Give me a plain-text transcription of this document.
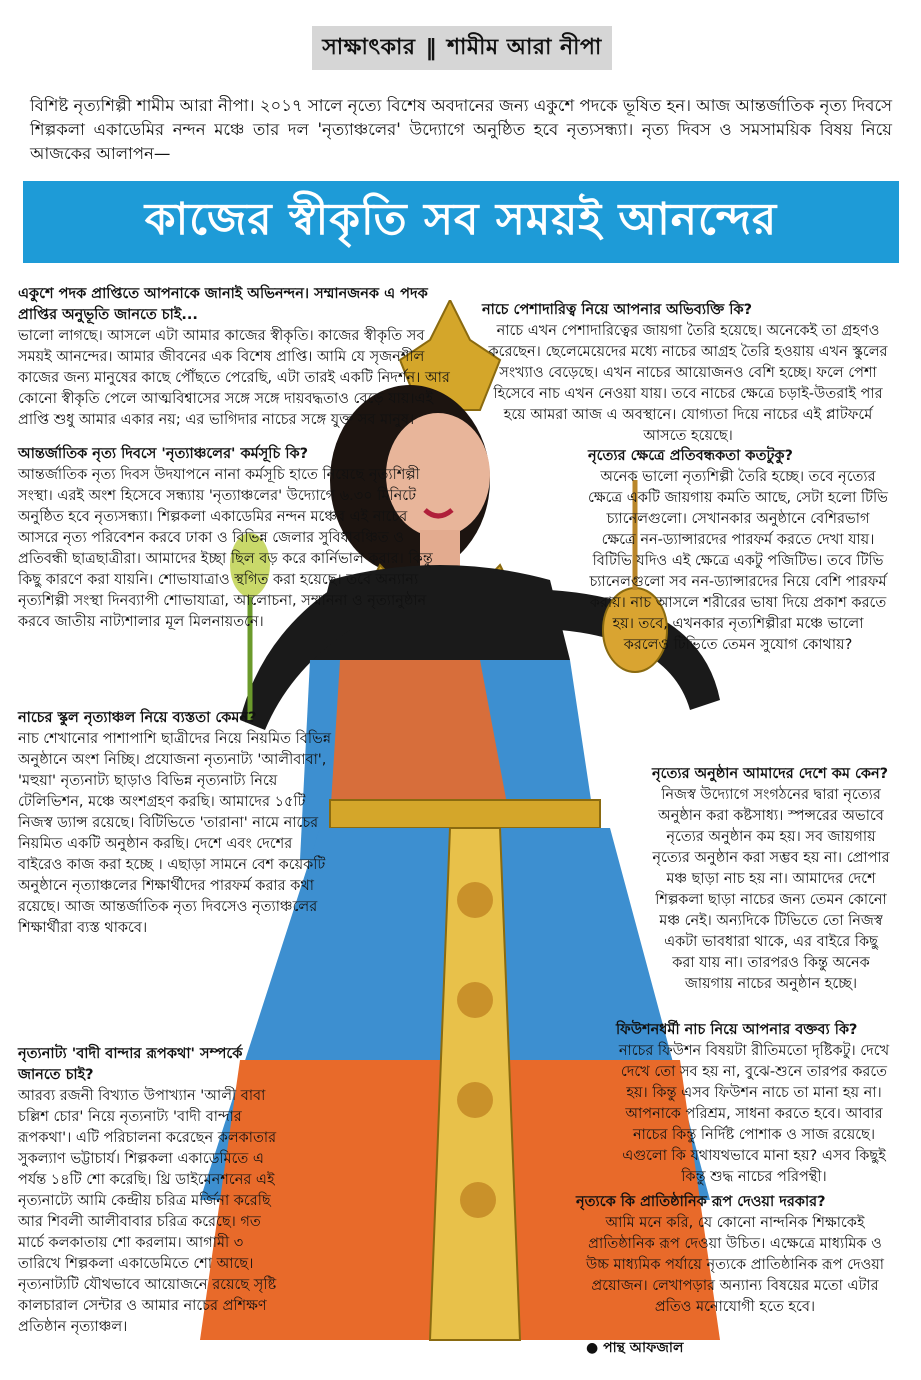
সাক্ষাৎকার ‖ শামীম আরা নীপা
বিশিষ্ট নৃত্যশিল্পী শামীম আরা নীপা। ২০১৭ সালে নৃত্যে বিশেষ অবদানের জন্য একুশে পদকে ভূষিত হন। আজ আন্তর্জাতিক নৃত্য দিবসে শিল্পকলা একাডেমির নন্দন মঞ্চে তার দল 'নৃত্যাঞ্চলের' উদ্যোগে অনুষ্ঠিত হবে নৃত্যসন্ধ্যা। নৃত্য দিবস ও সমসাময়িক বিষয় নিয়ে আজকের আলাপন—
কাজের স্বীকৃতি সব সময়ই আনন্দের

একুশে পদক প্রাপ্তিতে আপনাকে জানাই অভিনন্দন। সম্মানজনক এ পদক প্রাপ্তির অনুভূতি জানতে চাই...

ভালো লাগছে। আসলে এটা আমার কাজের স্বীকৃতি। কাজের স্বীকৃতি সব সময়ই আনন্দের। আমার জীবনের এক বিশেষ প্রাপ্তি। আমি যে সৃজনশীল কাজের জন্য মানুষের কাছে পৌঁছতে পেরেছি, এটা তারই একটি নিদর্শন। আর কোনো স্বীকৃতি পেলে আত্মবিশ্বাসের সঙ্গে সঙ্গে দায়বদ্ধতাও বেড়ে যায়।এই প্রাপ্তি শুধু আমার একার নয়; এর ভাগিদার নাচের সঙ্গে যুক্ত সব মানুষ।

আন্তর্জাতিক নৃত্য দিবসে 'নৃত্যাঞ্চলের' কর্মসূচি কি?

আন্তর্জাতিক নৃত্য দিবস উদযাপনে নানা কর্মসূচি হাতে নিয়েছে নৃত্যশিল্পী সংস্থা। এরই অংশ হিসেবে সন্ধ্যায় 'নৃত্যাঞ্চলের' উদ্যোগে ৬.৩০ মিনিটে অনুষ্ঠিত হবে নৃত্যসন্ধ্যা। শিল্পকলা একাডেমির নন্দন মঞ্চের এই নাচের আসরে নৃত্য পরিবেশন করবে ঢাকা ও বিভিন্ন জেলার সুবিধাবঞ্চিত ও প্রতিবন্ধী ছাত্রছাত্রীরা। আমাদের ইচ্ছা ছিল বড় করে কার্নিভাল করার। কিন্তু কিছু কারণে করা যায়নি। শোভাযাত্রাও স্থগিত করা হয়েছে। তবে অন্যান্য নৃত্যশিল্পী সংস্থা দিনব্যাপী শোভাযাত্রা, আলোচনা, সম্মাননা ও নৃত্যানুষ্ঠান করবে জাতীয় নাট্যশালার মূল মিলনায়তনে।

নাচের স্কুল নৃত্যাঞ্চল নিয়ে ব্যস্ততা কেমন?

নাচ শেখানোর পাশাপাশি ছাত্রীদের নিয়ে নিয়মিত বিভিন্ন অনুষ্ঠানে অংশ নিচ্ছি। প্রযোজনা নৃত্যনাট্য 'আলীবাবা', 'মহুয়া' নৃত্যনাট্য ছাড়াও বিভিন্ন নৃত্যনাট্য নিয়ে টেলিভিশন, মঞ্চে অংশগ্রহণ করছি। আমাদের ১৫টি নিজস্ব ড্যান্স রয়েছে। বিটিভিতে 'তারানা' নামে নাচের নিয়মিত একটি অনুষ্ঠান করছি। দেশে এবং দেশের বাইরেও কাজ করা হচ্ছে । এছাড়া সামনে বেশ কয়েকটি অনুষ্ঠানে নৃত্যাঞ্চলের শিক্ষার্থীদের পারফর্ম করার কথা রয়েছে। আজ আন্তর্জাতিক নৃত্য দিবসেও নৃত্যাঞ্চলের শিক্ষার্থীরা ব্যস্ত থাকবে।

নৃত্যনাট্য 'বাদী বান্দার রূপকথা' সম্পর্কে জানতে চাই?

আরব্য রজনী বিখ্যাত উপাখ্যান 'আলী বাবা চল্লিশ চোর' নিয়ে নৃত্যনাট্য 'বাদী বান্দার রূপকথা'। এটি পরিচালনা করেছেন কলকাতার সুকল্যাণ ভট্টাচার্য। শিল্পকলা একাডেমিতে এ পর্যন্ত ১৪টি শো করেছি। থ্রি ডাইমেনশনের এই নৃত্যনাট্যে আমি কেন্দ্রীয় চরিত্র মর্জিনা করেছি আর শিবলী আলীবাবার চরিত্র করেছে। গত মার্চে কলকাতায় শো করলাম। আগামী ৩ তারিখে শিল্পকলা একাডেমিতে শো আছে। নৃত্যনাট্যটি যৌথভাবে আয়োজনে রয়েছে সৃষ্টি কালচারাল সেন্টার ও আমার নাচের প্রশিক্ষণ প্রতিষ্ঠান নৃত্যাঞ্চল।

নাচে পেশাদারিত্ব নিয়ে আপনার অভিব্যক্তি কি?

নাচে এখন পেশাদারিত্বের জায়গা তৈরি হয়েছে। অনেকেই তা গ্রহণও করেছেন। ছেলেমেয়েদের মধ্যে নাচের আগ্রহ তৈরি হওয়ায় এখন স্কুলের সংখ্যাও বেড়েছে। এখন নাচের আয়োজনও বেশি হচ্ছে। ফলে পেশা হিসেবে নাচ এখন নেওয়া যায়। তবে নাচের ক্ষেত্রে চড়াই-উতরাই পার হয়ে আমরা আজ এ অবস্থানে। যোগ্যতা দিয়ে নাচের এই প্লাটফর্মে আসতে হয়েছে।

নৃত্যের ক্ষেত্রে প্রতিবন্ধকতা কতটুকু?

অনেক ভালো নৃত্যশিল্পী তৈরি হচ্ছে। তবে নৃত্যের ক্ষেত্রে একটি জায়গায় কমতি আছে, সেটা হলো টিভি চ্যানেলগুলো। সেখানকার অনুষ্ঠানে বেশিরভাগ ক্ষেত্রে নন-ড্যান্সারদের পারফর্ম করতে দেখা যায়। বিটিভি যদিও এই ক্ষেত্রে একটু পজিটিভ। তবে টিভি চ্যানেলগুলো সব নন-ড্যান্সারদের নিয়ে বেশি পারফর্ম করায়। নাচ আসলে শরীরের ভাষা দিয়ে প্রকাশ করতে হয়। তবে, এখনকার নৃত্যশিল্পীরা মঞ্চে ভালো করলেও টিভিতে তেমন সুযোগ কোথায়?

নৃত্যের অনুষ্ঠান আমাদের দেশে কম কেন?

নিজস্ব উদ্যোগে সংগঠনের দ্বারা নৃত্যের অনুষ্ঠান করা কষ্টসাধ্য। স্পন্সরের অভাবে নৃত্যের অনুষ্ঠান কম হয়। সব জায়গায় নৃত্যের অনুষ্ঠান করা সম্ভব হয় না। প্রোপার মঞ্চ ছাড়া নাচ হয় না। আমাদের দেশে শিল্পকলা ছাড়া নাচের জন্য তেমন কোনো মঞ্চ নেই। অন্যদিকে টিভিতে তো নিজস্ব একটা ভাবধারা থাকে, এর বাইরে কিছু করা যায় না। তারপরও কিন্তু অনেক জায়গায় নাচের অনুষ্ঠান হচ্ছে।

ফিউশনধর্মী নাচ নিয়ে আপনার বক্তব্য কি?

নাচের ফিউশন বিষয়টা রীতিমতো দৃষ্টিকটু। দেখে দেখে তো সব হয় না, বুঝে-শুনে তারপর করতে হয়। কিন্তু এসব ফিউশন নাচে তা মানা হয় না। আপনাকে পরিশ্রম, সাধনা করতে হবে। আবার নাচের কিন্তু নির্দিষ্ট পোশাক ও সাজ রয়েছে। এগুলো কি যথাযথভাবে মানা হয়? এসব কিছুই কিন্তু শুদ্ধ নাচের পরিপন্থী।

নৃত্যকে কি প্রাতিষ্ঠানিক রূপ দেওয়া দরকার?

আমি মনে করি, যে কোনো নান্দনিক শিক্ষাকেই প্রাতিষ্ঠানিক রূপ দেওয়া উচিত। এক্ষেত্রে মাধ্যমিক ও উচ্চ মাধ্যমিক পর্যায়ে নৃত্যকে প্রাতিষ্ঠানিক রূপ দেওয়া প্রয়োজন। লেখাপড়ার অন্যান্য বিষয়ের মতো এটার প্রতিও মনোযোগী হতে হবে।

● পান্থ আফজাল
